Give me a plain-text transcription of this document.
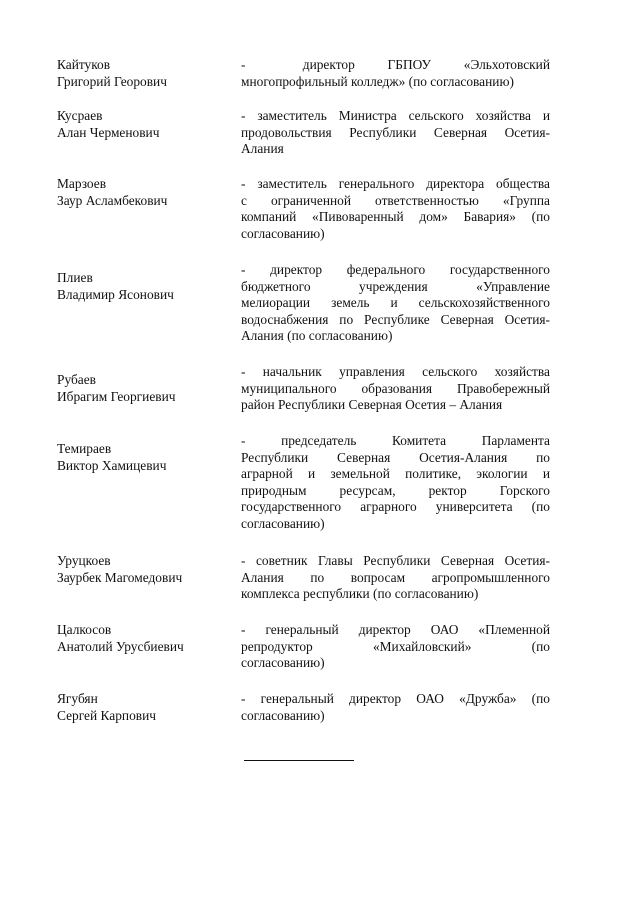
Кайтуков
Григорий Георович
-       директор    ГБПОУ    «Эльхотовский
многопрофильный колледж» (по согласованию)
Кусраев
Алан Черменович
- заместитель Министра сельского хозяйства и
продовольствия Республики Северная Осетия-
Алания
Марзоев
Заур Асламбекович
- заместитель генерального директора общества
с ограниченной ответственностью «Группа
компаний «Пивоваренный дом» Бавария» (по
согласованию)
Плиев
Владимир Ясонович
- директор федерального государственного
бюджетного учреждения «Управление
мелиорации земель и сельскохозяйственного
водоснабжения по Республике Северная Осетия-
Алания (по согласованию)
Рубаев
Ибрагим Георгиевич
- начальник управления сельского хозяйства
муниципального образования Правобережный
район Республики Северная Осетия – Алания
Темираев
Виктор Хамицевич
- председатель Комитета Парламента
Республики Северная Осетия-Алания по
аграрной и земельной политике, экологии и
природным ресурсам, ректор Горского
государственного аграрного университета (по
согласованию)
Уруцкоев
Заурбек Магомедович
- советник Главы Республики Северная Осетия-
Алания по вопросам агропромышленного
комплекса республики (по согласованию)
Цалкосов
Анатолий Урусбиевич
- генеральный директор ОАО «Племенной
репродуктор «Михайловский» (по
согласованию)
Ягубян
Сергей Карпович
- генеральный директор ОАО «Дружба» (по
согласованию)
